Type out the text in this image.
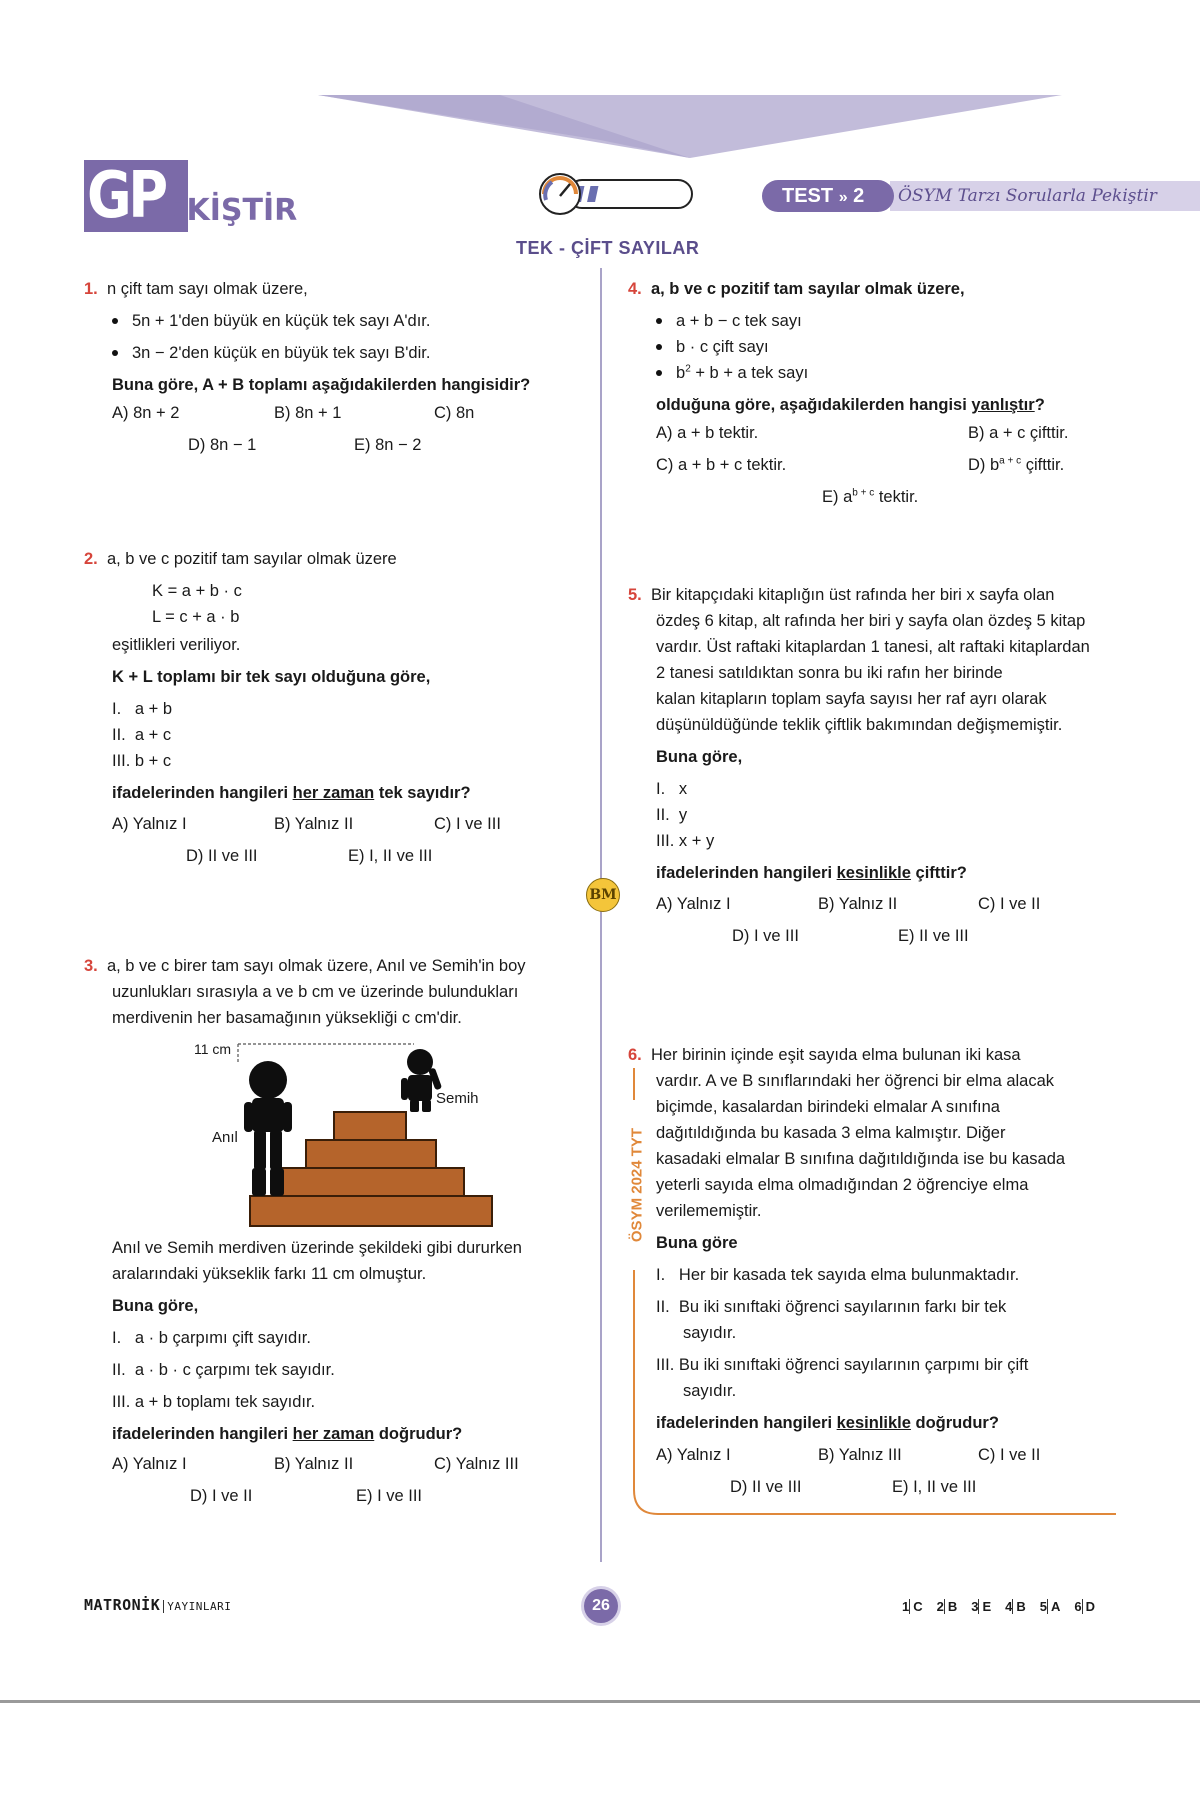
GP EKİŞTİR	TEST » 2 ÖSYM Tarzı Sorularla Pekiştir
TEK - ÇİFT SAYILAR
BM
1. n çift tam sayı olmak üzere,
5n + 1'den büyük en küçük tek sayı A'dır.
3n − 2'den küçük en büyük tek sayı B'dir.
Buna göre, A + B toplamı aşağıdakilerden hangisidir?
A) 8n + 2	B) 8n + 1	C) 8n
D) 8n − 1	E) 8n − 2
2. a, b ve c pozitif tam sayılar olmak üzere
K = a + b · c
L = c + a · b
eşitlikleri veriliyor.
K + L toplamı bir tek sayı olduğuna göre,
I.   a + b
II.  a + c
III. b + c
ifadelerinden hangileri her zaman tek sayıdır?
A) Yalnız I	B) Yalnız II	C) I ve III
D) II ve III	E) I, II ve III
3. a, b ve c birer tam sayı olmak üzere, Anıl ve Semih'in boy
uzunlukları sırasıyla a ve b cm ve üzerinde bulundukları
merdivenin her basamağının yüksekliği c cm'dir.
11 cm
Anıl
Semih
Anıl ve Semih merdiven üzerinde şekildeki gibi dururken
aralarındaki yükseklik farkı 11 cm olmuştur.
Buna göre,
I.   a · b çarpımı çift sayıdır.
II.  a · b · c çarpımı tek sayıdır.
III. a + b toplamı tek sayıdır.
ifadelerinden hangileri her zaman doğrudur?
A) Yalnız I	B) Yalnız II	C) Yalnız III
D) I ve II	E) I ve III
4. a, b ve c pozitif tam sayılar olmak üzere,
a + b − c tek sayı
b · c çift sayı
$b^2 + b + a$ tek sayı
olduğuna göre, aşağıdakilerden hangisi yanlıştır?
A) a + b tektir.	B) a + c çifttir.
C) a + b + c tektir.	D) $b^{a + c}$ çifttir.
E) $a^{b + c}$ tektir.
5. Bir kitapçıdaki kitaplığın üst rafında her biri x sayfa olan
özdeş 6 kitap, alt rafında her biri y sayfa olan özdeş 5 kitap
vardır. Üst raftaki kitaplardan 1 tanesi, alt raftaki kitaplardan
2 tanesi satıldıktan sonra bu iki rafın her birinde
kalan kitapların toplam sayfa sayısı her raf ayrı olarak
düşünüldüğünde teklik çiftlik bakımından değişmemiştir.
Buna göre,
I.   x
II.  y
III. x + y
ifadelerinden hangileri kesinlikle çifttir?
A) Yalnız I	B) Yalnız II	C) I ve II
D) I ve III	E) II ve III
ÖSYM 2024 TYT
6. Her birinin içinde eşit sayıda elma bulunan iki kasa
vardır. A ve B sınıflarındaki her öğrenci bir elma alacak
biçimde, kasalardan birindeki elmalar A sınıfına
dağıtıldığında bu kasada 3 elma kalmıştır. Diğer
kasadaki elmalar B sınıfına dağıtıldığında ise bu kasada
yeterli sayıda elma olmadığından 2 öğrenciye elma
verilememiştir.
Buna göre
I.   Her bir kasada tek sayıda elma bulunmaktadır.
II.  Bu iki sınıftaki öğrenci sayılarının farkı bir tek
sayıdır.
III. Bu iki sınıftaki öğrenci sayılarının çarpımı bir çift
sayıdır.
ifadelerinden hangileri kesinlikle doğrudur?
A) Yalnız I	B) Yalnız III	C) I ve II
D) II ve III	E) I, II ve III
MATRONİK YAYINLARI	26	1 C 2 B 3 E 4 B 5 A 6 D
